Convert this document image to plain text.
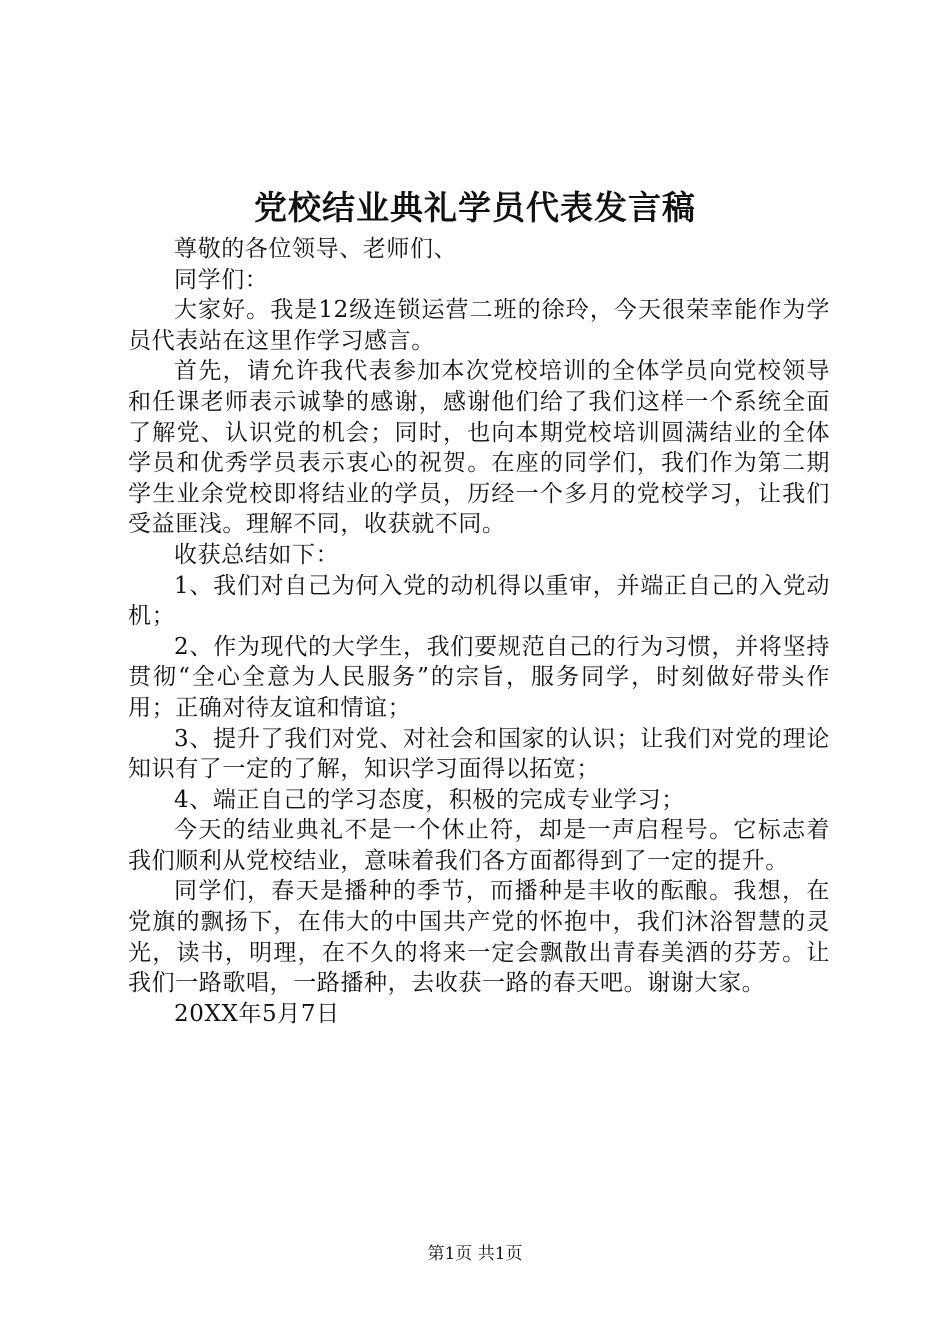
党校结业典礼学员代表发言稿

尊敬的各位领导、老师们、

同学们：

大家好。我是12级连锁运营二班的徐玲，今天很荣幸能作为学员代表站在这里作学习感言。

首先，请允许我代表参加本次党校培训的全体学员向党校领导和任课老师表示诚挚的感谢，感谢他们给了我们这样一个系统全面了解党、认识党的机会；同时，也向本期党校培训圆满结业的全体学员和优秀学员表示衷心的祝贺。在座的同学们，我们作为第二期学生业余党校即将结业的学员，历经一个多月的党校学习，让我们受益匪浅。理解不同，收获就不同。

收获总结如下：

1、我们对自己为何入党的动机得以重审，并端正自己的入党动机；

2、作为现代的大学生，我们要规范自己的行为习惯，并将坚持贯彻“全心全意为人民服务”的宗旨，服务同学，时刻做好带头作用；正确对待友谊和情谊；

3、提升了我们对党、对社会和国家的认识；让我们对党的理论知识有了一定的了解，知识学习面得以拓宽；

4、端正自己的学习态度，积极的完成专业学习；

今天的结业典礼不是一个休止符，却是一声启程号。它标志着我们顺利从党校结业，意味着我们各方面都得到了一定的提升。

同学们，春天是播种的季节，而播种是丰收的酝酿。我想，在党旗的飘扬下，在伟大的中国共产党的怀抱中，我们沐浴智慧的灵光，读书，明理，在不久的将来一定会飘散出青春美酒的芬芳。让我们一路歌唱，一路播种，去收获一路的春天吧。谢谢大家。

20XX年5月7日

第1页 共1页
